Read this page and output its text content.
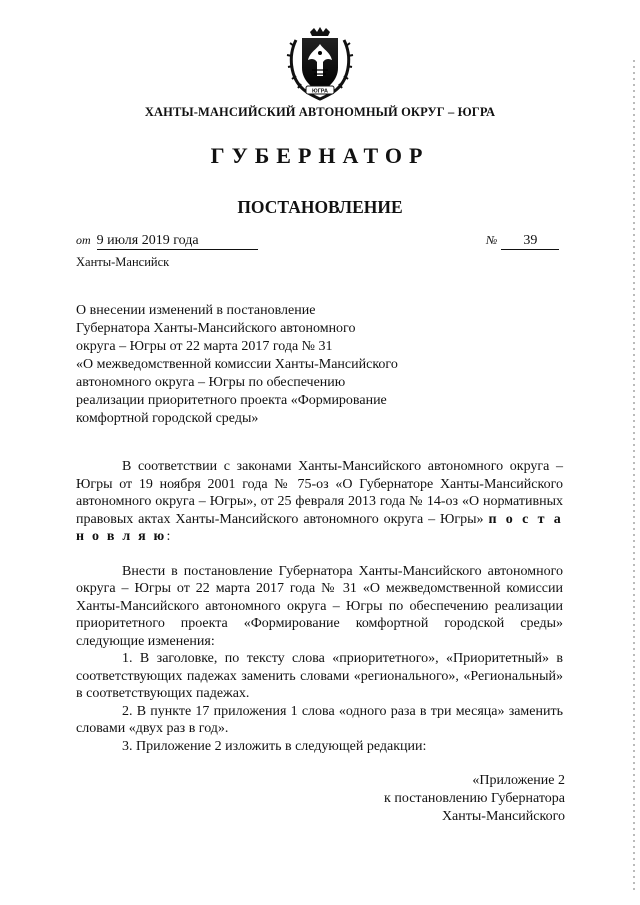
ЮГРА
ХАНТЫ-МАНСИЙСКИЙ АВТОНОМНЫЙ ОКРУГ – ЮГРА
ГУБЕРНАТОР
ПОСТАНОВЛЕНИЕ
от 9 июля 2019 года	№ 39
Ханты-Мансийск
О внесении изменений в постановление
Губернатора Ханты-Мансийского автономного
округа – Югры от 22 марта 2017 года № 31
«О межведомственной комиссии Ханты-Мансийского
автономного округа – Югры по обеспечению
реализации приоритетного проекта «Формирование
комфортной городской среды»

В соответствии с законами Ханты-Мансийского автономного округа – Югры от 19 ноября 2001 года № 75-оз «О Губернаторе Ханты-Мансийского автономного округа – Югры», от 25 февраля 2013 года № 14-оз «О нормативных правовых актах Ханты-Мансийского автономного округа – Югры» п о с т а н о в л я ю:

Внести в постановление Губернатора Ханты-Мансийского автономного округа – Югры от 22 марта 2017 года № 31 «О межведомственной комиссии Ханты-Мансийского автономного округа – Югры по обеспечению реализации приоритетного проекта «Формирование комфортной городской среды» следующие изменения:

1. В заголовке, по тексту слова «приоритетного», «Приоритетный» в соответствующих падежах заменить словами «регионального», «Региональный» в соответствующих падежах.

2. В пункте 17 приложения 1 слова «одного раза в три месяца» заменить словами «двух раз в год».

3. Приложение 2 изложить в следующей редакции:

«Приложение 2
к постановлению Губернатора
Ханты-Мансийского
